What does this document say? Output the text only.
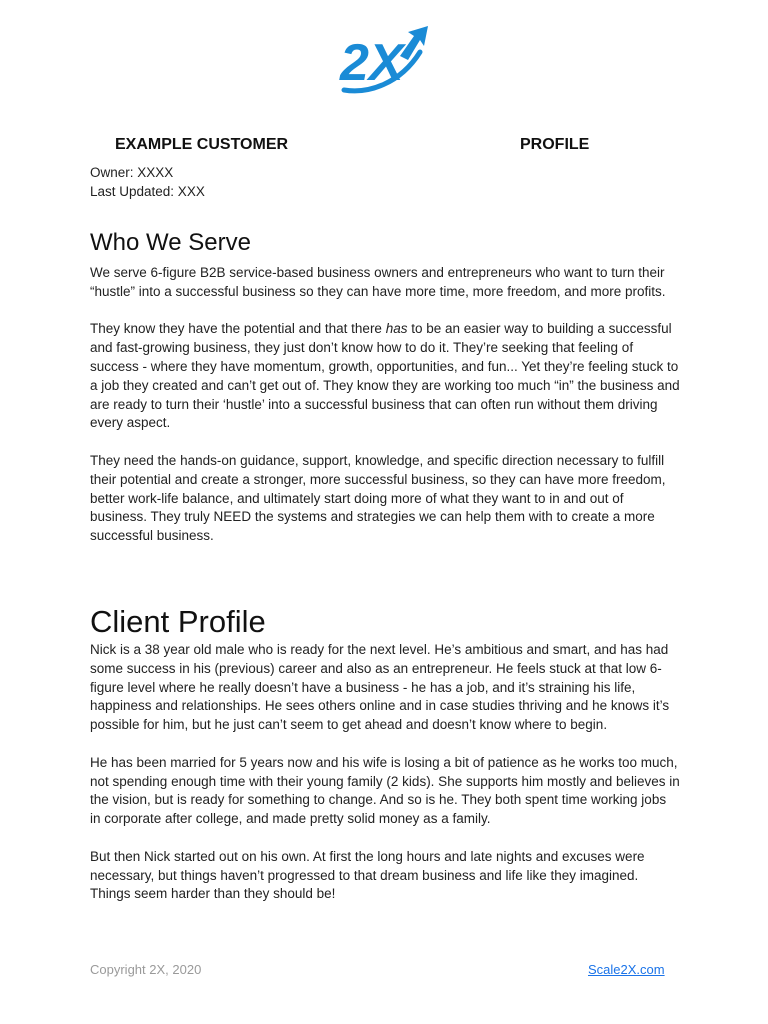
2X
EXAMPLE CUSTOMER	PROFILE
Owner: XXXX
Last Updated: XXX
Who We Serve

We serve 6-figure B2B service-based business owners and entrepreneurs who want to turn their “hustle” into a successful business so they can have more time, more freedom, and more profits.

They know they have the potential and that there has to be an easier way to building a successful and fast-growing business, they just don’t know how to do it. They’re seeking that feeling of success - where they have momentum, growth, opportunities, and fun... Yet they’re feeling stuck to a job they created and can’t get out of. They know they are working too much “in” the business and are ready to turn their ‘hustle’ into a successful business that can often run without them driving every aspect.

They need the hands-on guidance, support, knowledge, and specific direction necessary to fulfill their potential and create a stronger, more successful business, so they can have more freedom, better work-life balance, and ultimately start doing more of what they want to in and out of business. They truly NEED the systems and strategies we can help them with to create a more successful business.

Client Profile

Nick is a 38 year old male who is ready for the next level. He’s ambitious and smart, and has had some success in his (previous) career and also as an entrepreneur. He feels stuck at that low 6-figure level where he really doesn’t have a business - he has a job, and it’s straining his life, happiness and relationships. He sees others online and in case studies thriving and he knows it’s possible for him, but he just can’t seem to get ahead and doesn’t know where to begin.

He has been married for 5 years now and his wife is losing a bit of patience as he works too much, not spending enough time with their young family (2 kids). She supports him mostly and believes in the vision, but is ready for something to change. And so is he. They both spent time working jobs in corporate after college, and made pretty solid money as a family.

But then Nick started out on his own. At first the long hours and late nights and excuses were necessary, but things haven’t progressed to that dream business and life like they imagined. Things seem harder than they should be!

Copyright 2X, 2020	Scale2X.com
